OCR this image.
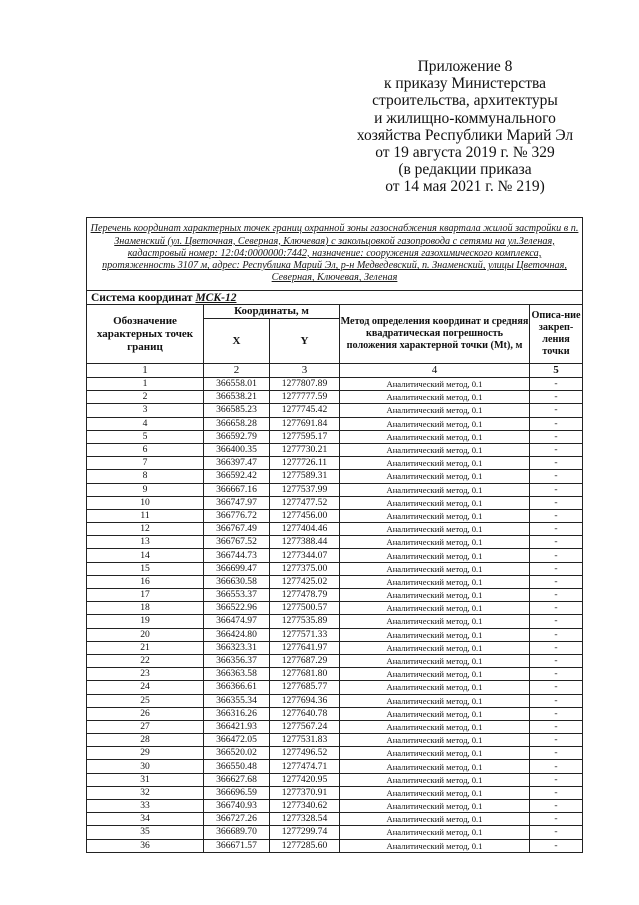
Приложение 8
к приказу Министерства
строительства, архитектуры
и жилищно-коммунального
хозяйства Республики Марий Эл
от 19 августа 2019 г. № 329
(в редакции приказа
от 14 мая 2021 г. № 219)
Перечень координат характерных точек границ охранной зоны газоснабжения квартала жилой застройки в п. Знаменский (ул. Цветочная, Северная, Ключевая) с закольцовкой газопровода с сетями на ул.Зеленая, кадастровый номер: 12:04:0000000:7442, назначение: сооружения газохимического комплекса, протяженность 3107 м, адрес: Республика Марий Эл, р-н Медведевский, п. Знаменский, улицы Цветочная, Северная, Ключевая, Зеленая				
Система координат МСК-12				
Обозначение характерных точек границ	Координаты, м		Метод определения координат и средняя квадратическая погрешность положения характерной точки (Mt), м	Описа-ние закреп-ления точки
	X	Y		
1	2	3	4	5
1	366558.01	1277807.89	Аналитический метод, 0.1	-
2	366538.21	1277777.59	Аналитический метод, 0.1	-
3	366585.23	1277745.42	Аналитический метод, 0.1	-
4	366658.28	1277691.84	Аналитический метод, 0.1	-
5	366592.79	1277595.17	Аналитический метод, 0.1	-
6	366400.35	1277730.21	Аналитический метод, 0.1	-
7	366397.47	1277726.11	Аналитический метод, 0.1	-
8	366592.42	1277589.31	Аналитический метод, 0.1	-
9	366667.16	1277537.99	Аналитический метод, 0.1	-
10	366747.97	1277477.52	Аналитический метод, 0.1	-
11	366776.72	1277456.00	Аналитический метод, 0.1	-
12	366767.49	1277404.46	Аналитический метод, 0.1	-
13	366767.52	1277388.44	Аналитический метод, 0.1	-
14	366744.73	1277344.07	Аналитический метод, 0.1	-
15	366699.47	1277375.00	Аналитический метод, 0.1	-
16	366630.58	1277425.02	Аналитический метод, 0.1	-
17	366553.37	1277478.79	Аналитический метод, 0.1	-
18	366522.96	1277500.57	Аналитический метод, 0.1	-
19	366474.97	1277535.89	Аналитический метод, 0.1	-
20	366424.80	1277571.33	Аналитический метод, 0.1	-
21	366323.31	1277641.97	Аналитический метод, 0.1	-
22	366356.37	1277687.29	Аналитический метод, 0.1	-
23	366363.58	1277681.80	Аналитический метод, 0.1	-
24	366366.61	1277685.77	Аналитический метод, 0.1	-
25	366355.34	1277694.36	Аналитический метод, 0.1	-
26	366316.26	1277640.78	Аналитический метод, 0.1	-
27	366421.93	1277567.24	Аналитический метод, 0.1	-
28	366472.05	1277531.83	Аналитический метод, 0.1	-
29	366520.02	1277496.52	Аналитический метод, 0.1	-
30	366550.48	1277474.71	Аналитический метод, 0.1	-
31	366627.68	1277420.95	Аналитический метод, 0.1	-
32	366696.59	1277370.91	Аналитический метод, 0.1	-
33	366740.93	1277340.62	Аналитический метод, 0.1	-
34	366727.26	1277328.54	Аналитический метод, 0.1	-
35	366689.70	1277299.74	Аналитический метод, 0.1	-
36	366671.57	1277285.60	Аналитический метод, 0.1	-
